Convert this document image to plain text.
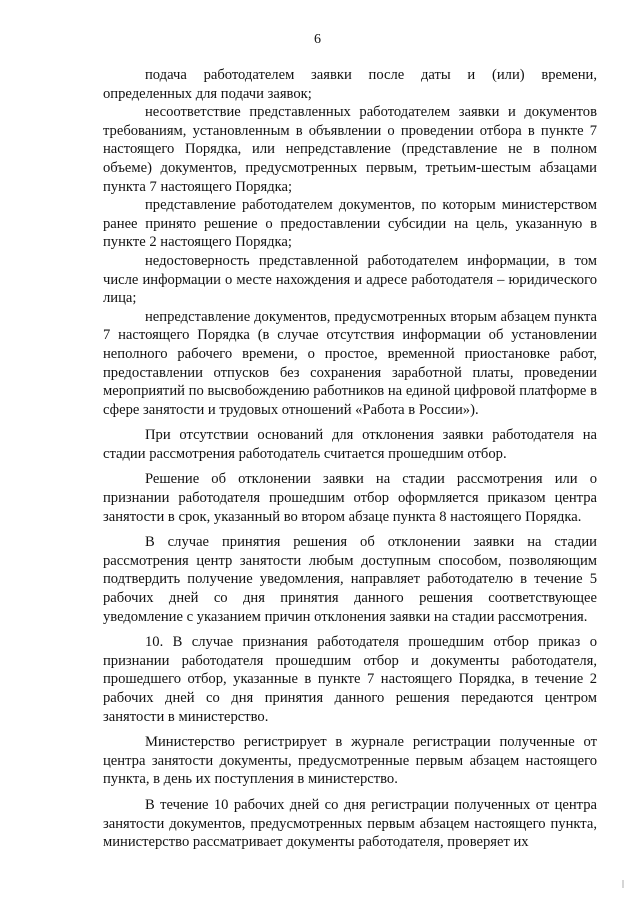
6

подача работодателем заявки после даты и (или) времени, определенных для подачи заявок;

несоответствие представленных работодателем заявки и документов требованиям, установленным в объявлении о проведении отбора в пункте 7 настоящего Порядка, или непредставление (представление не в полном объеме) документов, предусмотренных первым, третьим-шестым абзацами пункта 7 настоящего Порядка;

представление работодателем документов, по которым министерством ранее принято решение о предоставлении субсидии на цель, указанную в пункте 2 настоящего Порядка;

недостоверность представленной работодателем информации, в том числе информации о месте нахождения и адресе работодателя – юридического лица;

непредставление документов, предусмотренных вторым абзацем пункта 7 настоящего Порядка (в случае отсутствия информации об установлении неполного рабочего времени, о простое, временной приостановке работ, предоставлении отпусков без сохранения заработной платы, проведении мероприятий по высвобождению работников на единой цифровой платформе в сфере занятости и трудовых отношений «Работа в России»).

При отсутствии оснований для отклонения заявки работодателя на стадии рассмотрения работодатель считается прошедшим отбор.

Решение об отклонении заявки на стадии рассмотрения или о признании работодателя прошедшим отбор оформляется приказом центра занятости в срок, указанный во втором абзаце пункта 8 настоящего Порядка.

В случае принятия решения об отклонении заявки на стадии рассмотрения центр занятости любым доступным способом, позволяющим подтвердить получение уведомления, направляет работодателю в течение 5 рабочих дней со дня принятия данного решения соответствующее уведомление с указанием причин отклонения заявки на стадии рассмотрения.

10. В случае признания работодателя прошедшим отбор приказ о признании работодателя прошедшим отбор и документы работодателя, прошедшего отбор, указанные в пункте 7 настоящего Порядка, в течение 2 рабочих дней со дня принятия данного решения передаются центром занятости в министерство.

Министерство регистрирует в журнале регистрации полученные от центра занятости документы, предусмотренные первым абзацем настоящего пункта, в день их поступления в министерство.

В течение 10 рабочих дней со дня регистрации полученных от центра занятости документов, предусмотренных первым абзацем настоящего пункта, министерство рассматривает документы работодателя, проверяет их
